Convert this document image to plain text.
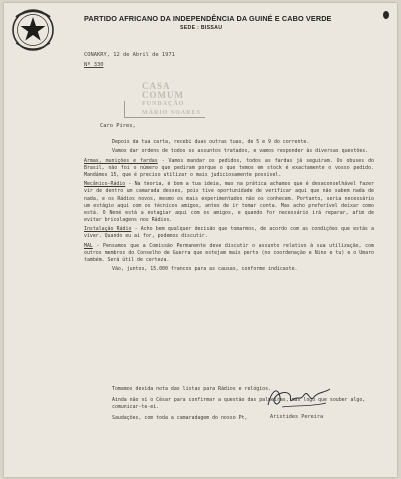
PARTIDO AFRICANO DA INDEPENDÊNCIA DA GUINÉ E CABO VERDE
SEDE : BISSAU
CONAKRY, 12 de Abril de 1971
Nº 330
CASA
COMUM
FUNDAÇÃO
MÁRIO SOARES
Caro Pires,

Depois da tua carta, recebi duas outras tuas, de 5 e 9 do corrente.

Vamos dar ordens de todos os assuntos tratados, e vamos responder às diversas questões.

Armas, munições e fardas - Vamos mandar os pedidos, todos as fardas já seguiram. Os obuses do Brasil, não foi o número que pediram porque o que temos em stock é exactamente o vosso pedido. Mandámos 15, que é preciso utilizar o mais judiciosamente possível.

Mecânico-Rádio - Na teoria, é bom a tua ideia, mas na prática achamos que é desaconselhável fazer vir de dentro um camarada desses, pois tive oportunidade de verificar aqui que não sabem nada de nada, e os Rádios novos, mesmo os mais experimentados não os conhecem. Portanto, seria necessário um estágio aqui com os técnicos amigos, antes de ir tomar conta. Mas acho preferível deixar como está. O Nené está a estagiar aqui com os amigos, e quando for necessário irá reparar, afim de evitar bricolagens nos Rádios.

Instalação Rádio - Acho bem qualquer decisão que tomarmos, de acordo com as condições que estás a viver. Quando eu ai for, podemos discutir.

MAL - Pensamos que a Comissão Permanente deve discutir o assunto relativo à sua utilização, com outros membros do Conselho de Guerra que estejam mais perto (no coordenação e Nino e tu) e o Umaro também. Será útil de certeza.

Vão, juntos, 15.000 francos para as causas, conforme indicaste.

Tomamos devida nota das listas para Rádios e relógios.

Ainda não vi o César para confirmar a questão das palmeiras, mas logo que souber algo, comunicar-te-ei.

Saudações, com toda a camaradagem do nosso Pt,	Aristides Pereira
